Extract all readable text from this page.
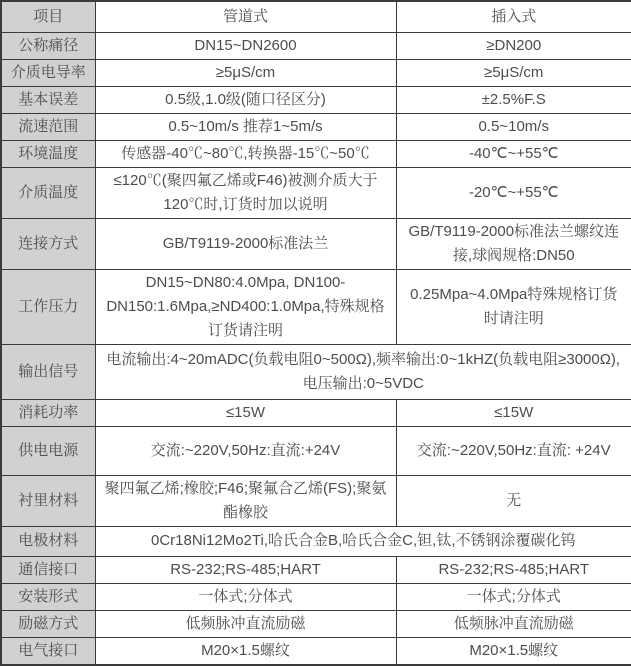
项目	管道式	插入式
公称痛径	DN15~DN2600	≥DN200
介质电导率	≥5μS/cm	≥5μS/cm
基本误差	0.5级,1.0级(随口径区分)	±2.5%F.S
流速范围	0.5~10m/s 推荐1~5m/s	0.5~10m/s
环境温度	传感器-40℃~80℃,转换器-15℃~50℃	-40℃~+55℃
介质温度	≤120℃(聚四氟乙烯或F46)被测介质大于120℃时,订货时加以说明	-20℃~+55℃
连接方式	GB/T9119-2000标准法兰	GB/T9119-2000标准法兰螺纹连接,球阀规格:DN50
工作压力	DN15~DN80:4.0Mpa, DN100-DN150:1.6Mpa,≥ND400:1.0Mpa,特殊规格订货请注明	0.25Mpa~4.0Mpa特殊规格订货时请注明
输出信号	电流输出:4~20mADC(负载电阻0~500Ω),频率输出:0~1kHZ(负载电阻≥3000Ω),电压输出:0~5VDC	
消耗功率	≤15W	≤15W
供电电源	交流:~220V,50Hz:直流:+24V	交流:~220V,50Hz:直流: +24V
衬里材料	聚四氟乙烯;橡胶;F46;聚氟合乙烯(FS);聚氨酯橡胶	无
电极材料	0Cr18Ni12Mo2Ti,哈氏合金B,哈氏合金C,钽,钛,不锈钢涂覆碳化钨	
通信接口	RS-232;RS-485;HART	RS-232;RS-485;HART
安装形式	一体式;分体式	一体式;分体式
励磁方式	低频脉冲直流励磁	低频脉冲直流励磁
电气接口	M20×1.5螺纹	M20×1.5螺纹
